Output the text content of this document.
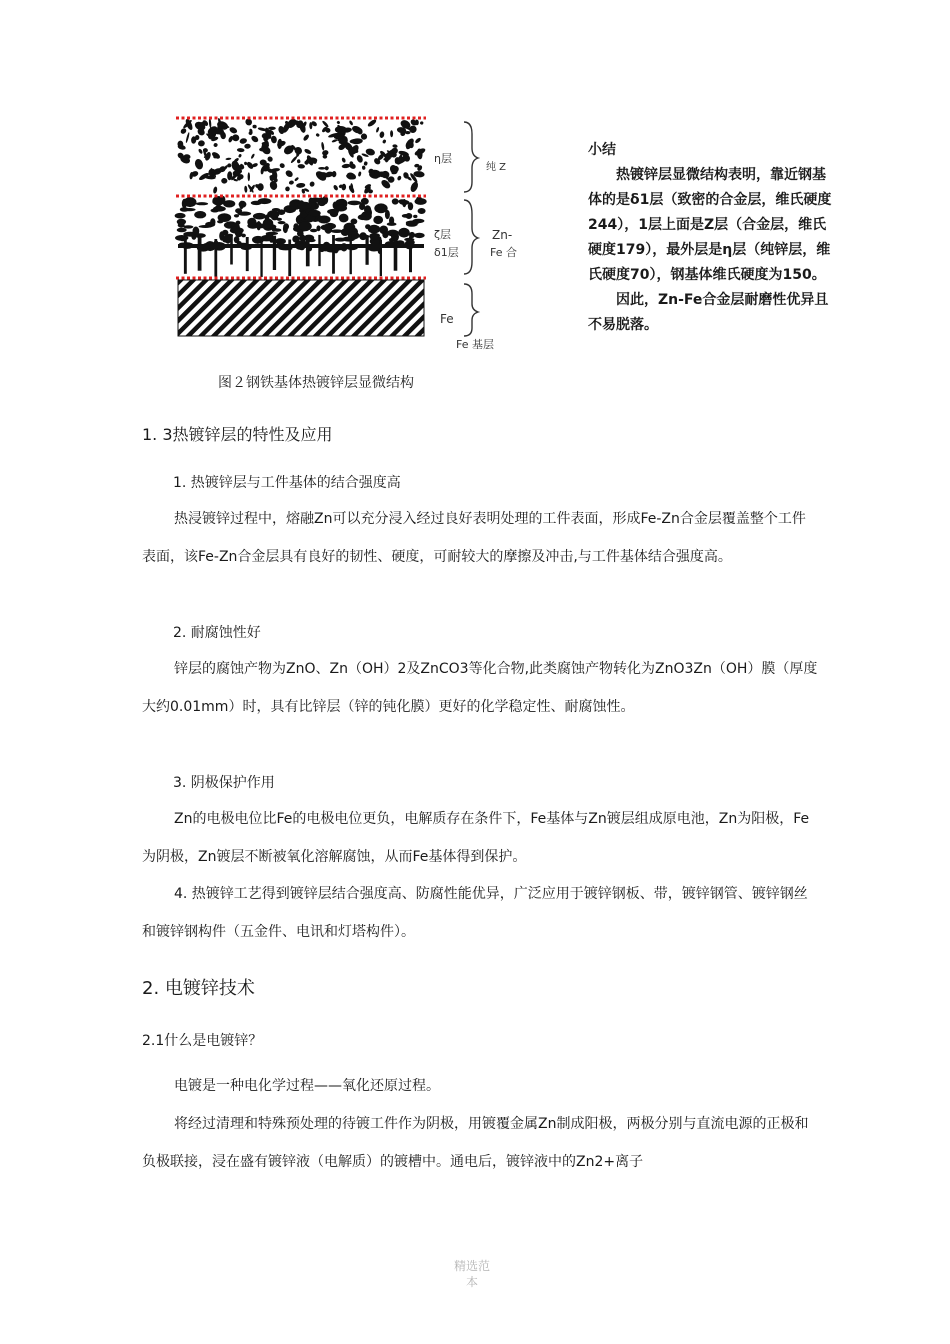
η层
纯 Z
ζ层
δ1层
Zn-
Fe 合
Fe
Fe 基层
图２钢铁基体热镀锌层显微结构

小结

热镀锌层显微结构表明，靠近钢基体的是δ1层（致密的合金层，维氏硬度244），1层上面是Z层（合金层，维氏硬度179），最外层是η层（纯锌层，维氏硬度70），钢基体维氏硬度为150。

因此，Zn-Fe合金层耐磨性优异且不易脱落。

1. 3热镀锌层的特性及应用
1. 热镀锌层与工件基体的结合强度高

热浸镀锌过程中，熔融Zn可以充分浸入经过良好表明处理的工件表面，形成Fe-Zn合金层覆盖整个工件表面，该Fe-Zn合金层具有良好的韧性、硬度，可耐较大的摩擦及冲击,与工件基体结合强度高。

2. 耐腐蚀性好

锌层的腐蚀产物为ZnO、Zn（OH）2及ZnCO3等化合物,此类腐蚀产物转化为ZnO3Zn（OH）膜（厚度大约0.01mm）时，具有比锌层（锌的钝化膜）更好的化学稳定性、耐腐蚀性。

3. 阴极保护作用

Zn的电极电位比Fe的电极电位更负，电解质存在条件下，Fe基体与Zn镀层组成原电池，Zn为阳极，Fe为阴极，Zn镀层不断被氧化溶解腐蚀，从而Fe基体得到保护。

4. 热镀锌工艺得到镀锌层结合强度高、防腐性能优异，广泛应用于镀锌钢板、带，镀锌钢管、镀锌钢丝和镀锌钢构件（五金件、电讯和灯塔构件）。

2. 电镀锌技术
2.1什么是电镀锌？

电镀是一种电化学过程——氧化还原过程。

将经过清理和特殊预处理的待镀工件作为阴极，用镀覆金属Zn制成阳极，两极分别与直流电源的正极和负极联接，浸在盛有镀锌液（电解质）的镀槽中。通电后，镀锌液中的Zn2+离子

精选范
本
